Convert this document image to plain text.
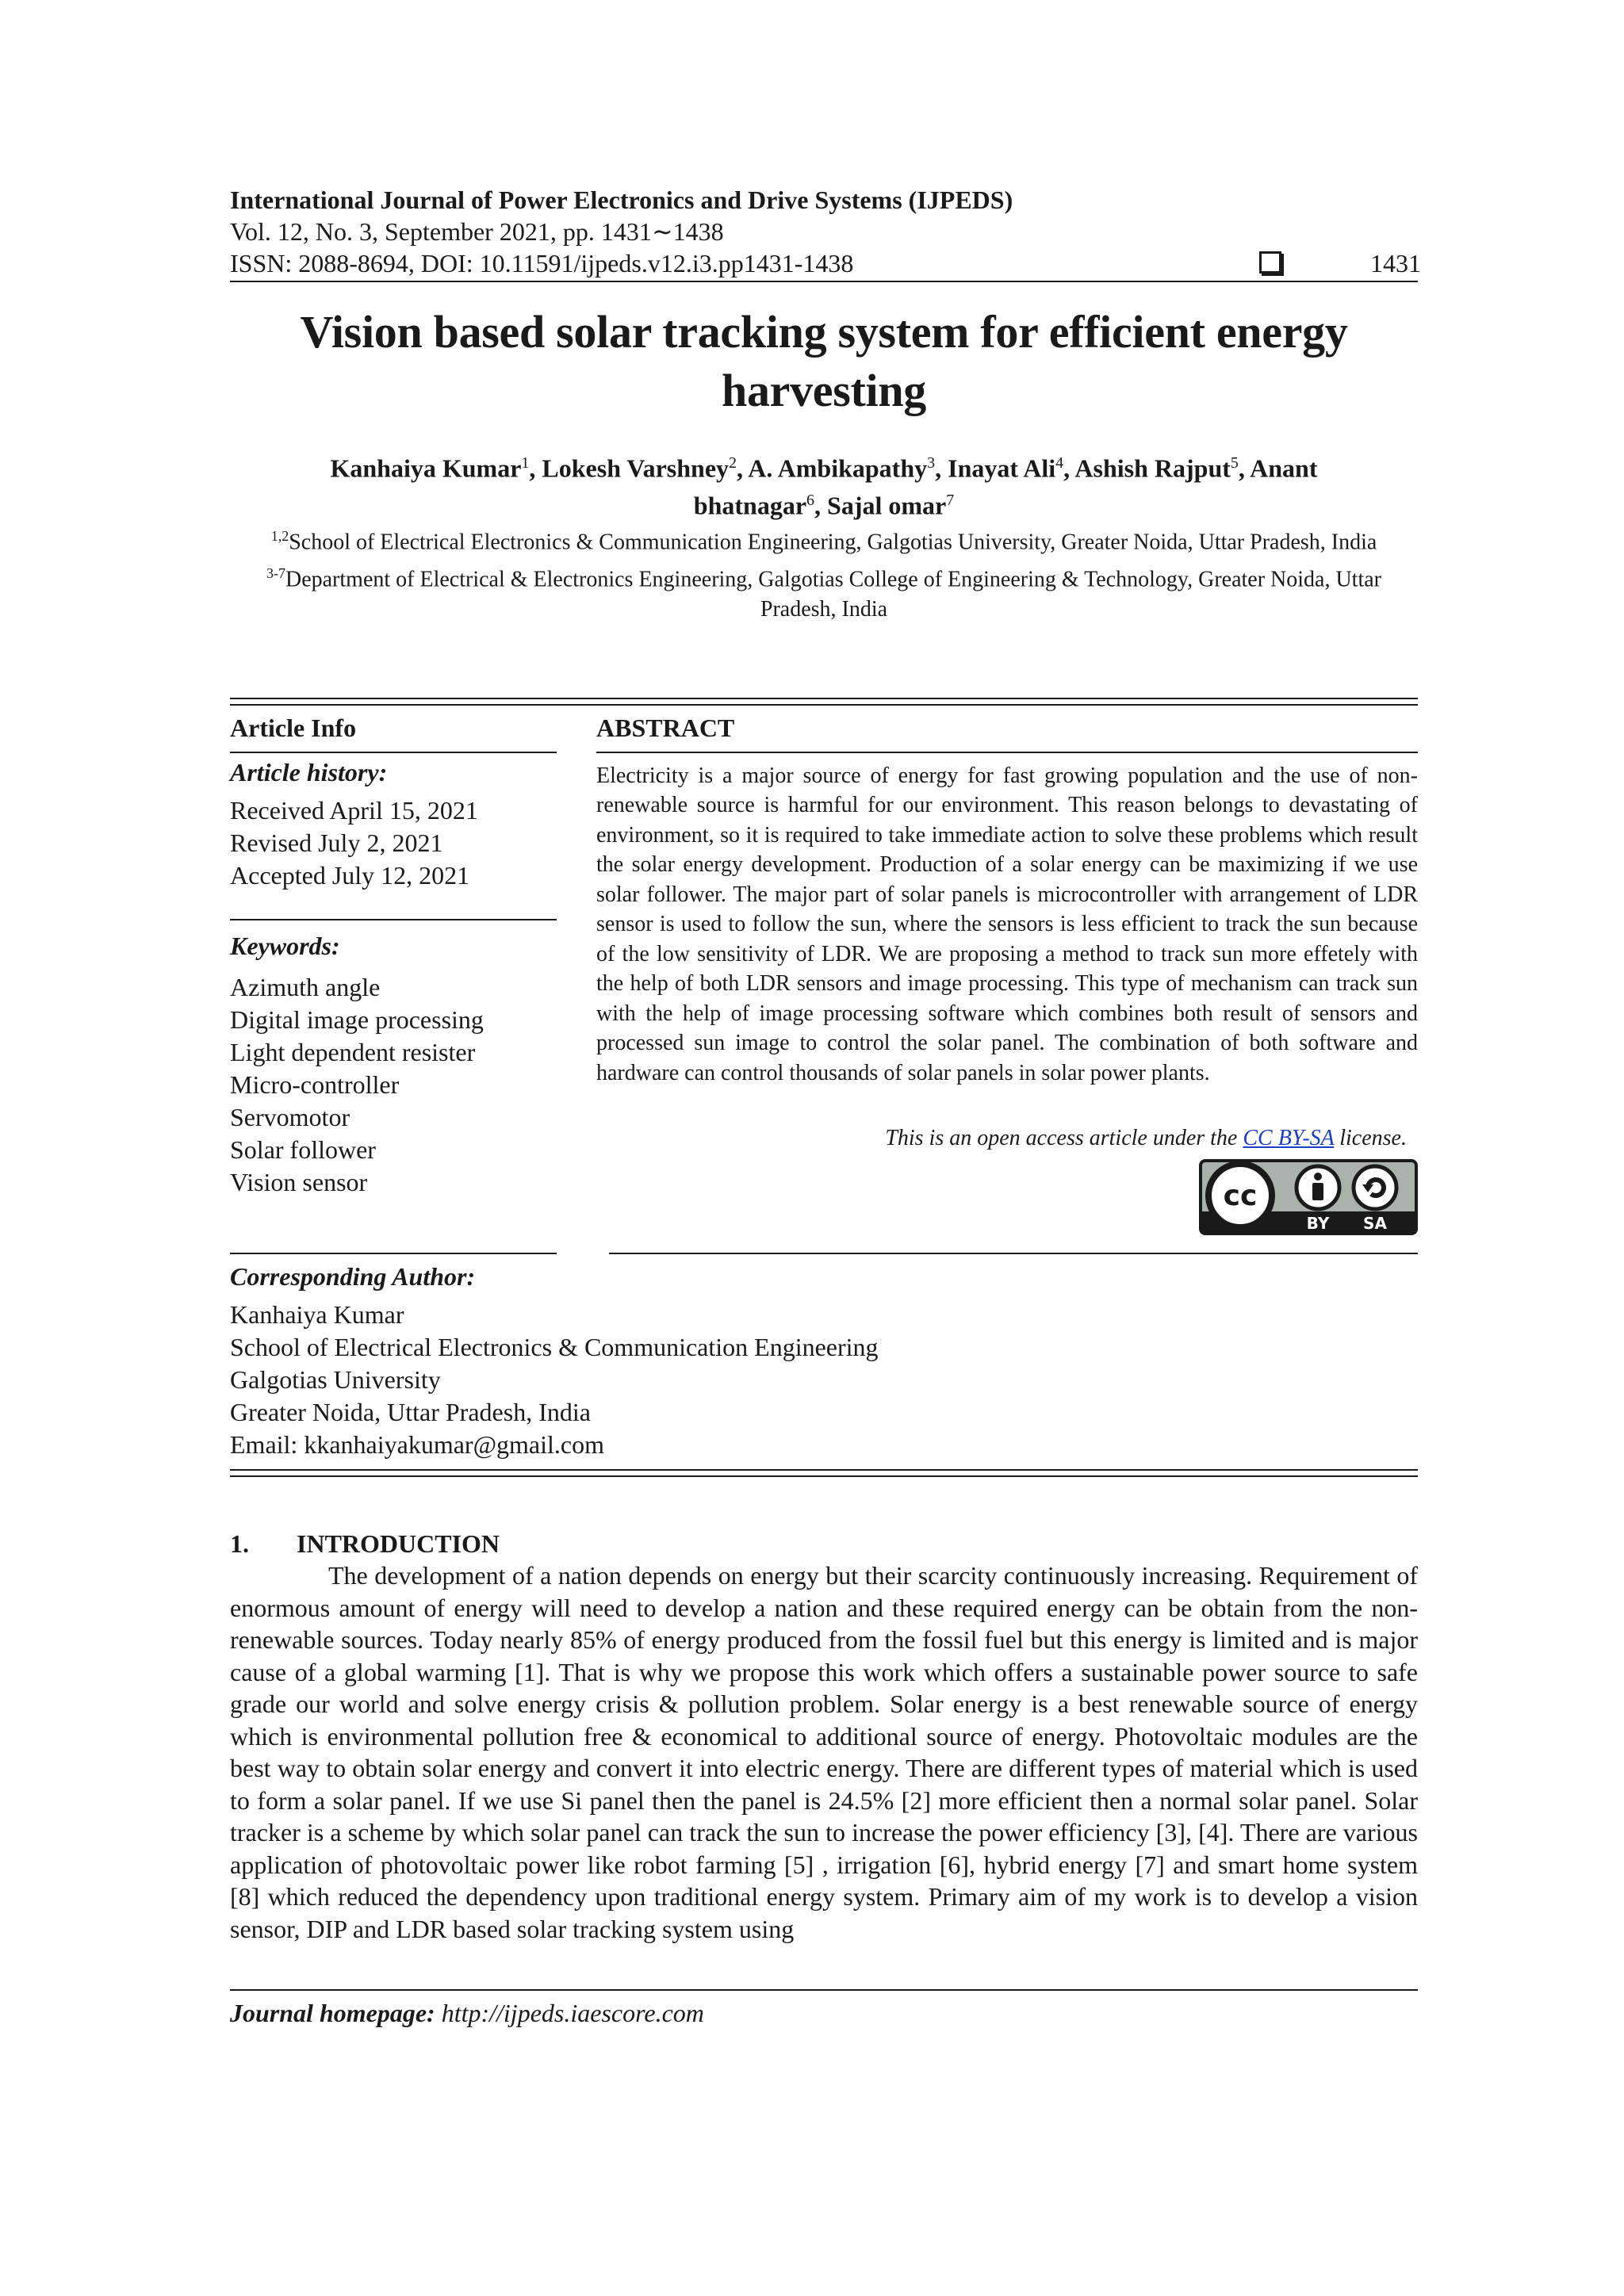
International Journal of Power Electronics and Drive Systems (IJPEDS)
Vol. 12, No. 3, September 2021, pp. 1431∼1438
ISSN: 2088-8694, DOI: 10.11591/ijpeds.v12.i3.pp1431-1438	1431
Vision based solar tracking system for efficient energy harvesting
Kanhaiya Kumar$^1$, Lokesh Varshney$^2$, A. Ambikapathy$^3$, Inayat Ali$^4$, Ashish Rajput$^5$, Anant bhatnagar$^6$, Sajal omar$^7$
$^{1,2}$School of Electrical Electronics & Communication Engineering, Galgotias University, Greater Noida, Uttar Pradesh, India
$^{3-7}$Department of Electrical & Electronics Engineering, Galgotias College of Engineering & Technology, Greater Noida, Uttar Pradesh, India
Article Info
Article history:
Received April 15, 2021
Revised July 2, 2021
Accepted July 12, 2021
Keywords:
Azimuth angle
Digital image processing
Light dependent resister
Micro-controller
Servomotor
Solar follower
Vision sensor
ABSTRACT
Electricity is a major source of energy for fast growing population and the use of non-renewable source is harmful for our environment. This reason belongs to devastating of environment, so it is required to take immediate action to solve these problems which result the solar energy development. Production of a solar energy can be maximizing if we use solar follower. The major part of solar panels is microcontroller with arrangement of LDR sensor is used to follow the sun, where the sensors is less efficient to track the sun because of the low sensitivity of LDR. We are proposing a method to track sun more effetely with the help of both LDR sensors and image processing. This type of mechanism can track sun with the help of image processing software which combines both result of sensors and processed sun image to control the solar panel. The combination of both software and hardware can control thousands of solar panels in solar power plants.
This is an open access article under the CC BY-SA license.
cc
BY SA
Corresponding Author:
Kanhaiya Kumar
School of Electrical Electronics & Communication Engineering
Galgotias University
Greater Noida, Uttar Pradesh, India
Email: kkanhaiyakumar@gmail.com
1. INTRODUCTION
The development of a nation depends on energy but their scarcity continuously increasing. Requirement of enormous amount of energy will need to develop a nation and these required energy can be obtain from the non-renewable sources. Today nearly 85% of energy produced from the fossil fuel but this energy is limited and is major cause of a global warming [1]. That is why we propose this work which offers a sustainable power source to safe grade our world and solve energy crisis & pollution problem. Solar energy is a best renewable source of energy which is environmental pollution free & economical to additional source of energy. Photovoltaic modules are the best way to obtain solar energy and convert it into electric energy. There are different types of material which is used to form a solar panel. If we use Si panel then the panel is 24.5% [2] more efficient then a normal solar panel. Solar tracker is a scheme by which solar panel can track the sun to increase the power efficiency [3], [4]. There are various application of photovoltaic power like robot farming [5] , irrigation [6], hybrid energy [7] and smart home system [8] which reduced the dependency upon traditional energy system. Primary aim of my work is to develop a vision sensor, DIP and LDR based solar tracking system using
Journal homepage: http://ijpeds.iaescore.com
